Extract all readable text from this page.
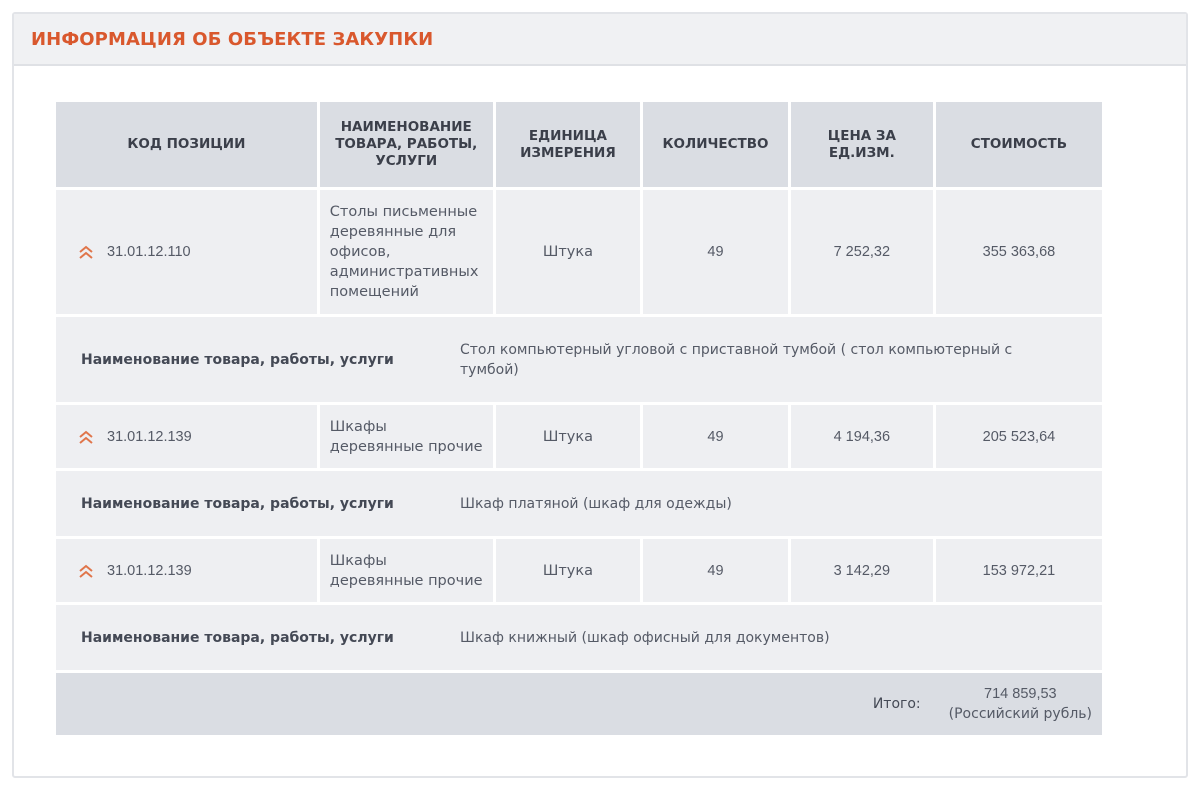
ИНФОРМАЦИЯ ОБ ОБЪЕКТЕ ЗАКУПКИ
КОД ПОЗИЦИИ	НАИМЕНОВАНИЕ ТОВАРА, РАБОТЫ, УСЛУГИ	ЕДИНИЦА ИЗМЕРЕНИЯ	КОЛИЧЕСТВО	ЦЕНА ЗА ЕД.ИЗМ.	СТОИМОСТЬ

31.01.12.110	Столы письменные деревянные для офисов, административных помещений	Штука	49	7 252,32	355 363,68

Наименование товара, работы, услуги
Стол компьютерный угловой с приставной тумбой ( стол компьютерный с тумбой)					

31.01.12.139	Шкафы деревянные прочие	Штука	49	4 194,36	205 523,64

Наименование товара, работы, услуги Шкаф платяной (шкаф для одежды)					

31.01.12.139	Шкафы деревянные прочие	Штука	49	3 142,29	153 972,21

Наименование товара, работы, услуги Шкаф книжный (шкаф офисный для документов)					

Итого:
714 859,53
(Российский рубль)					
